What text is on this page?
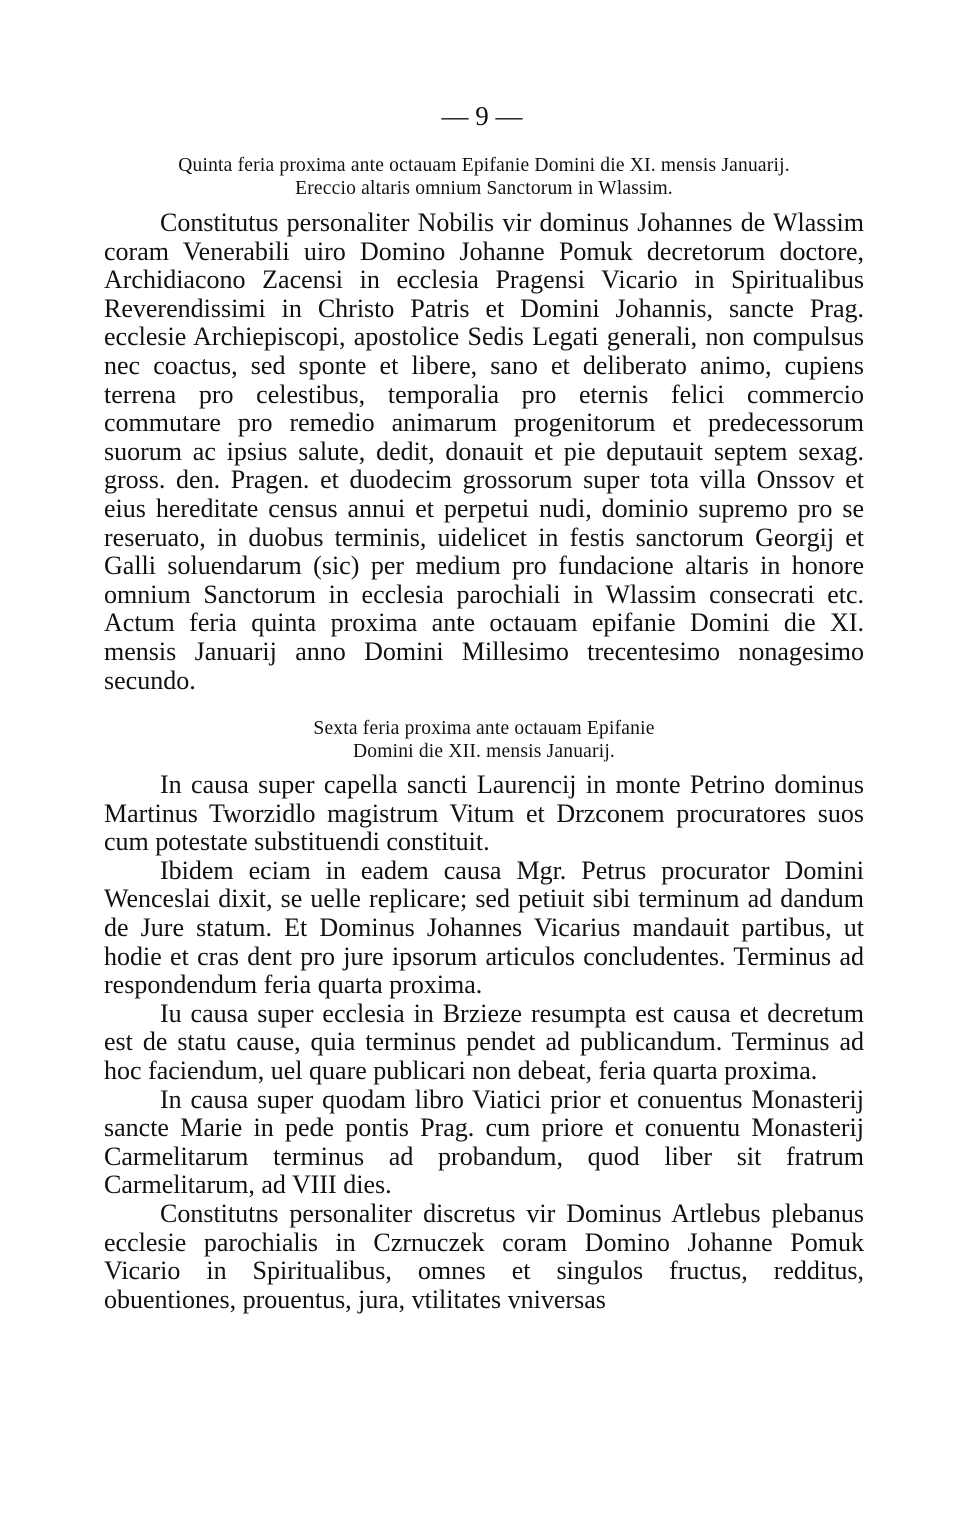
— 9 —
Quinta feria proxima ante octauam Epifanie Domini die XI. mensis Januarij.
Ereccio altaris omnium Sanctorum in Wlassim.

Constitutus personaliter Nobilis vir dominus Johannes de Wlassim coram Venerabili uiro Domino Johanne Pomuk decretorum doctore, Archidiacono Zacensi in ecclesia Pragensi Vicario in Spiritualibus Reverendissimi in Christo Patris et Domini Johannis, sancte Prag. ecclesie Archiepiscopi, apostolice Sedis Legati generali, non compulsus nec coactus, sed sponte et libere, sano et deliberato animo, cupiens terrena pro celestibus, temporalia pro eternis felici commercio commutare pro remedio animarum progenitorum et predecessorum suorum ac ipsius salute, dedit, donauit et pie deputauit septem sexag. gross. den. Pragen. et duodecim grossorum super tota villa Onssov et eius hereditate census annui et perpetui nudi, dominio supremo pro se reseruato, in duobus terminis, uidelicet in festis sanctorum Georgij et Galli soluendarum (sic) per medium pro fundacione altaris in honore omnium Sanctorum in ecclesia parochiali in Wlassim consecrati etc. Actum feria quinta proxima ante octauam epifanie Domini die XI. mensis Januarij anno Domini Millesimo trecentesimo nonagesimo secundo.

Sexta feria proxima ante octauam Epifanie
Domini die XII. mensis Januarij.

In causa super capella sancti Laurencij in monte Petrino dominus Martinus Tworzidlo magistrum Vitum et Drzconem procuratores suos cum potestate substituendi constituit.

Ibidem eciam in eadem causa Mgr. Petrus procurator Domini Wenceslai dixit, se uelle replicare; sed petiuit sibi terminum ad dandum de Jure statum. Et Dominus Johannes Vicarius mandauit partibus, ut hodie et cras dent pro jure ipsorum articulos concludentes. Terminus ad respondendum feria quarta proxima.

Iu causa super ecclesia in Brzieze resumpta est causa et decretum est de statu cause, quia terminus pendet ad publicandum. Terminus ad hoc faciendum, uel quare publicari non debeat, feria quarta proxima.

In causa super quodam libro Viatici prior et conuentus Monasterij sancte Marie in pede pontis Prag. cum priore et conuentu Monasterij Carmelitarum terminus ad probandum, quod liber sit fratrum Carmelitarum, ad VIII dies.

Constitutns personaliter discretus vir Dominus Artlebus plebanus ecclesie parochialis in Czrnuczek coram Domino Johanne Pomuk Vicario in Spiritualibus, omnes et singulos fructus, redditus, obuentiones, prouentus, jura, vtilitates vniversas
